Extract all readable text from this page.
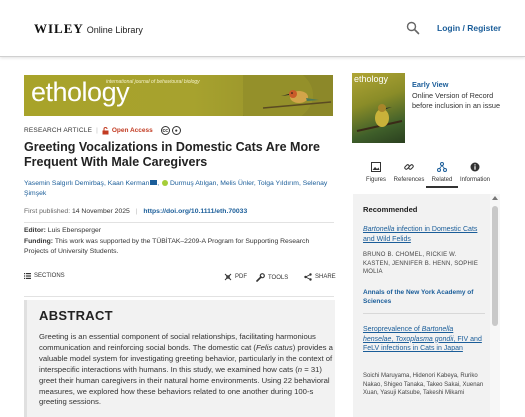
WILEY Online Library	Login / Register
ethology
international journal of behavioural biology
RESEARCH ARTICLE | Open Access	cc	●
Greeting Vocalizations in Domestic Cats Are More Frequent With Male Caregivers
Yasemin Salgırlı Demirbaş, Kaan Kerman ,  Durmuş Atılgan, Melis Ünler, Tolga Yıldırım, Selenay Şimşek
First published: 14 November 2025 | https://doi.org/10.1111/eth.70033
Editor: Luis Ebensperger
Funding: This work was supported by the TÜBİTAK–2209-A Program for Supporting Research Projects of University Students.
SECTIONS	PDF	TOOLS	SHARE
ABSTRACT

Greeting is an essential component of social relationships, facilitating harmonious communication and reinforcing social bonds. The domestic cat (Felis catus) provides a valuable model system for investigating greeting behavior, particularly in the context of interspecific interactions with humans. In this study, we examined how cats (n = 31) greet their human caregivers in their natural home environments. Using 22 behavioral measures, we explored how these behaviors related to one another during 100-s greeting sessions.

ethology
Early View

Online Version of Record before inclusion in an issue

Figures References Related Information
Recommended
Bartonella infection in Domestic Cats and Wild Felids

BRUNO B. CHOMEL, RICKIE W. KASTEN, JENNIFER B. HENN, SOPHIE MOLIA

Annals of the New York Academy of Sciences

Seroprevalence of Bartonella henselae, Toxoplasma gondii, FIV and FeLV infections in Cats in Japan

Soichi Maruyama, Hidenori Kabeya, Ruriko Nakao, Shigeo Tanaka, Takeo Sakai, Xuenan Xuan, Yasuji Katsube, Takeshi Mikami
